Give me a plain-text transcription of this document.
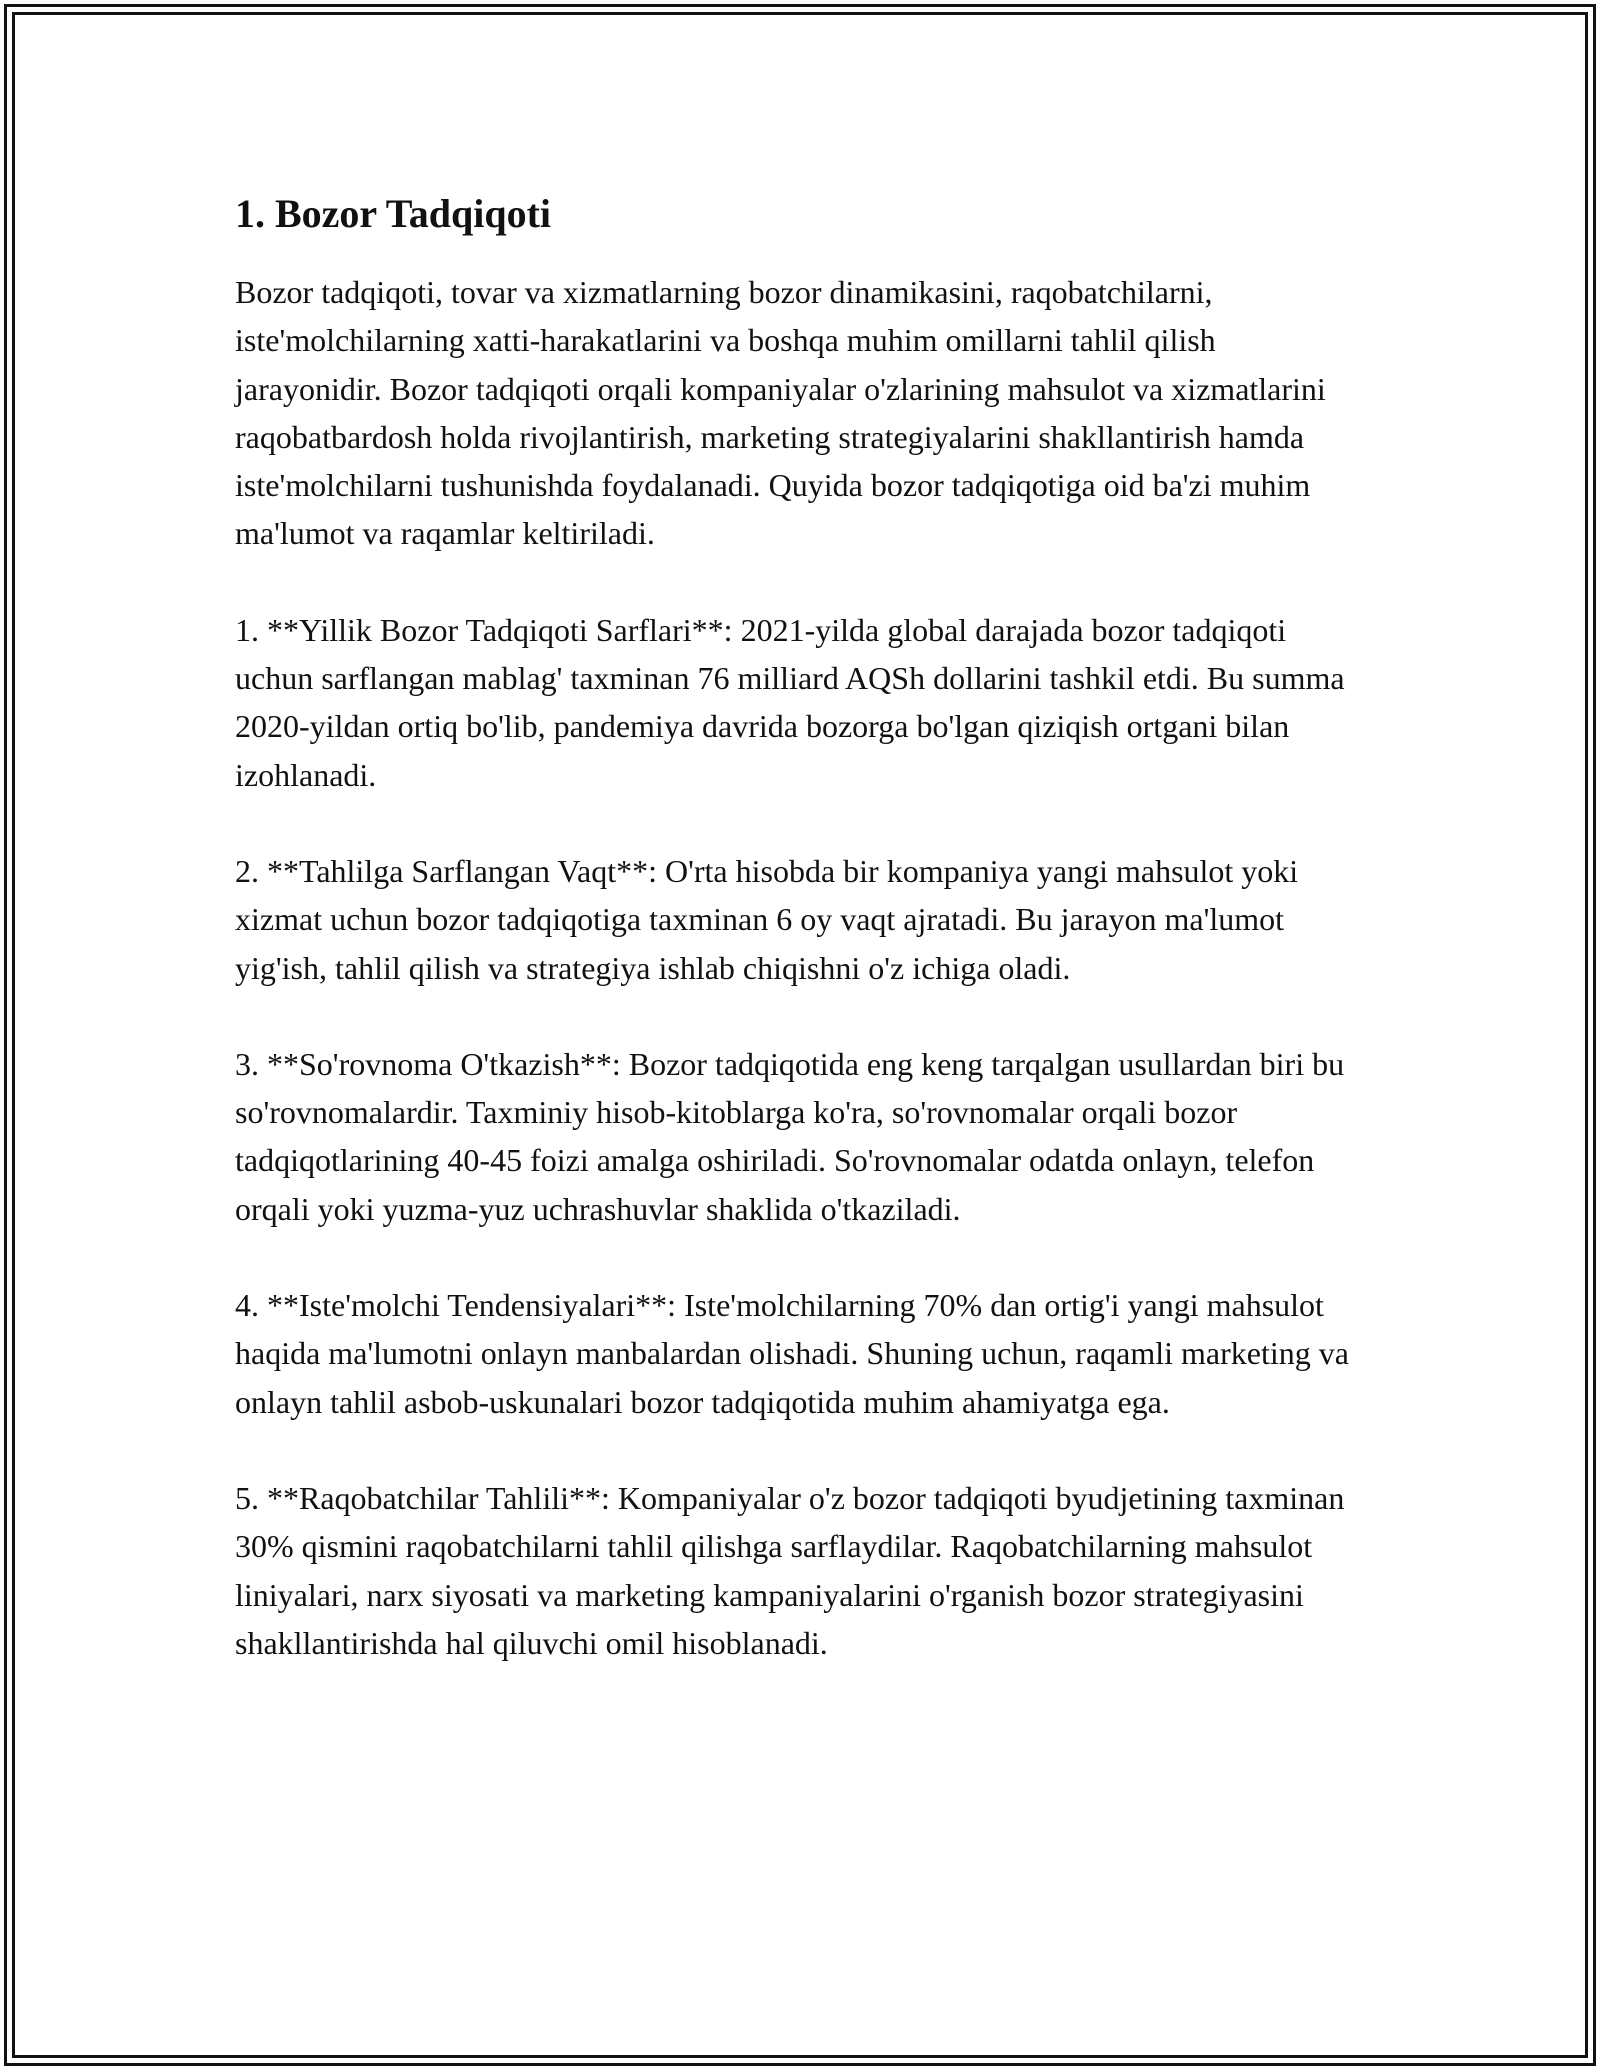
1. Bozor Tadqiqoti

Bozor tadqiqoti, tovar va xizmatlarning bozor dinamikasini, raqobatchilarni, iste'molchilarning xatti-harakatlarini va boshqa muhim omillarni tahlil qilish jarayonidir. Bozor tadqiqoti orqali kompaniyalar o'zlarining mahsulot va xizmatlarini raqobatbardosh holda rivojlantirish, marketing strategiyalarini shakllantirish hamda iste'molchilarni tushunishda foydalanadi. Quyida bozor tadqiqotiga oid ba'zi muhim ma'lumot va raqamlar keltiriladi.

1. **Yillik Bozor Tadqiqoti Sarflari**: 2021-yilda global darajada bozor tadqiqoti uchun sarflangan mablag' taxminan 76 milliard AQSh dollarini tashkil etdi. Bu summa 2020-yildan ortiq bo'lib, pandemiya davrida bozorga bo'lgan qiziqish ortgani bilan izohlanadi.

2. **Tahlilga Sarflangan Vaqt**: O'rta hisobda bir kompaniya yangi mahsulot yoki xizmat uchun bozor tadqiqotiga taxminan 6 oy vaqt ajratadi. Bu jarayon ma'lumot yig'ish, tahlil qilish va strategiya ishlab chiqishni o'z ichiga oladi.

3. **So'rovnoma O'tkazish**: Bozor tadqiqotida eng keng tarqalgan usullardan biri bu so'rovnomalardir. Taxminiy hisob-kitoblarga ko'ra, so'rovnomalar orqali bozor tadqiqotlarining 40-45 foizi amalga oshiriladi. So'rovnomalar odatda onlayn, telefon orqali yoki yuzma-yuz uchrashuvlar shaklida o'tkaziladi.

4. **Iste'molchi Tendensiyalari**: Iste'molchilarning 70% dan ortig'i yangi mahsulot haqida ma'lumotni onlayn manbalardan olishadi. Shuning uchun, raqamli marketing va onlayn tahlil asbob-uskunalari bozor tadqiqotida muhim ahamiyatga ega.

5. **Raqobatchilar Tahlili**: Kompaniyalar o'z bozor tadqiqoti byudjetining taxminan 30% qismini raqobatchilarni tahlil qilishga sarflaydilar. Raqobatchilarning mahsulot liniyalari, narx siyosati va marketing kampaniyalarini o'rganish bozor strategiyasini shakllantirishda hal qiluvchi omil hisoblanadi.
